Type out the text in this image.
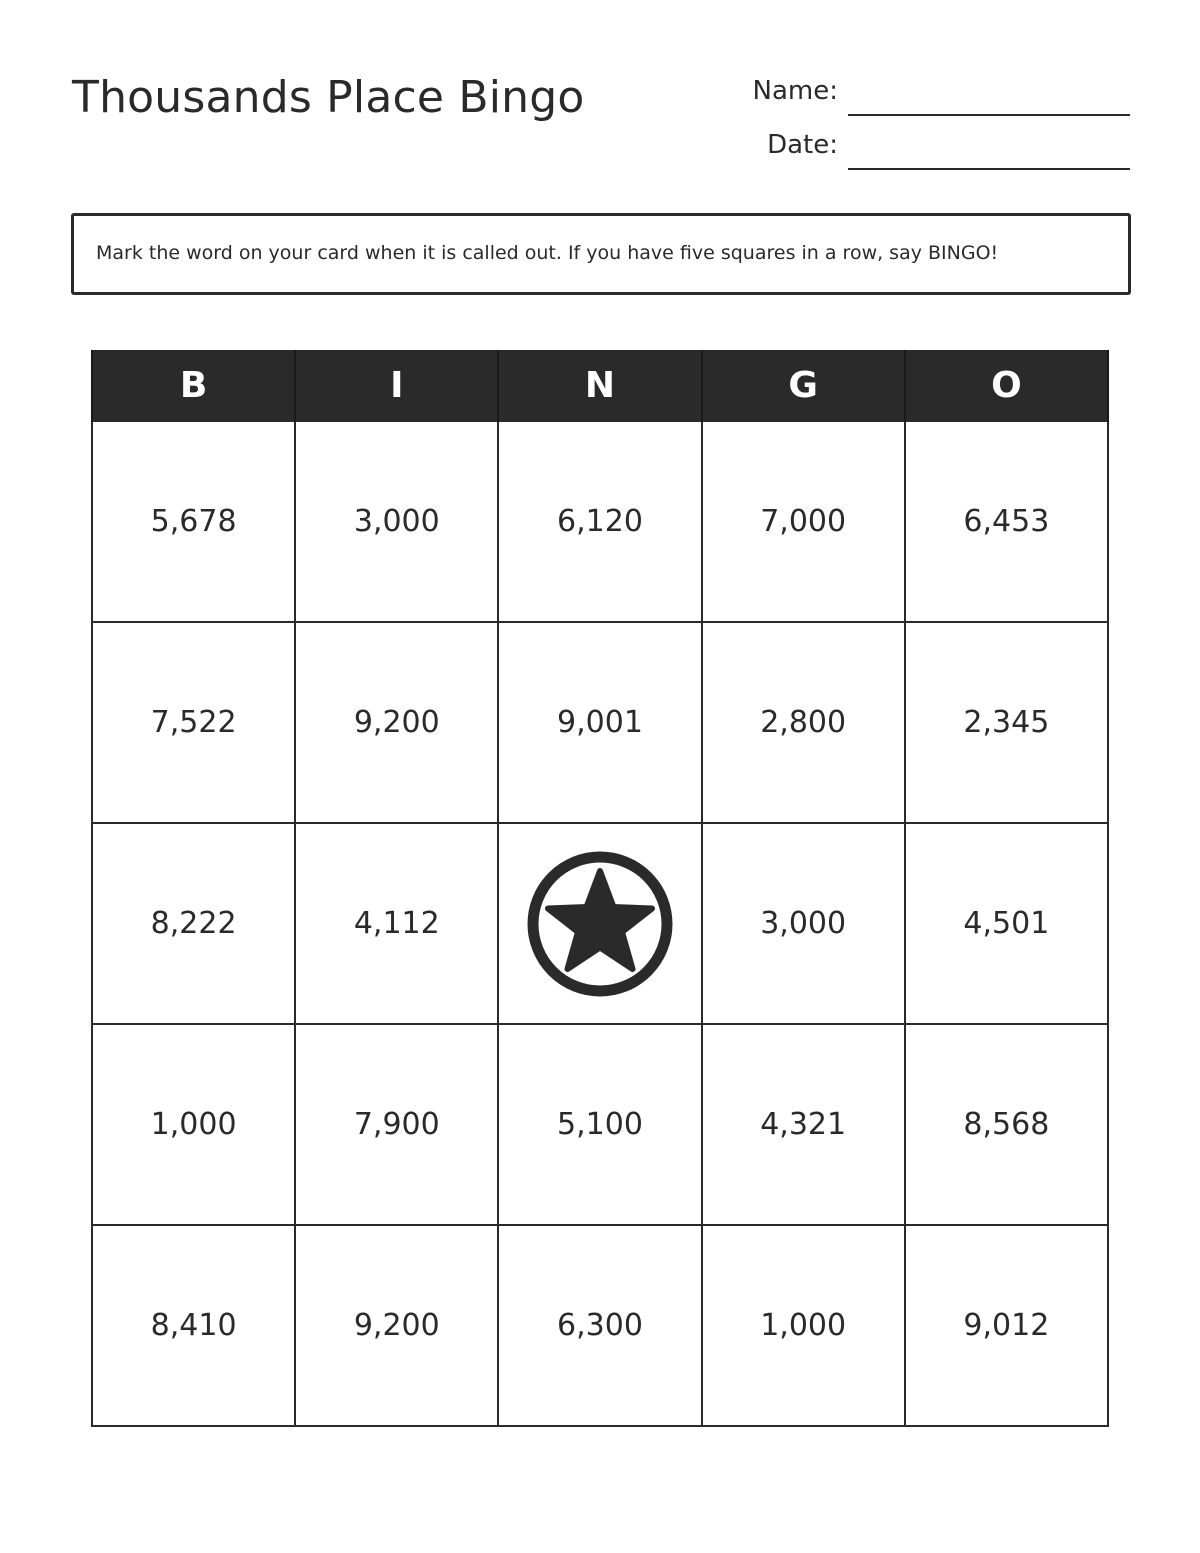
Thousands Place Bingo	Name:
Date:
Mark the word on your card when it is called out. If you have five squares in a row, say BINGO!
B	I	N	G	O
5,678	3,000	6,120	7,000	6,453
7,522	9,200	9,001	2,800	2,345
8,222	4,112		3,000	4,501
1,000	7,900	5,100	4,321	8,568
8,410	9,200	6,300	1,000	9,012
